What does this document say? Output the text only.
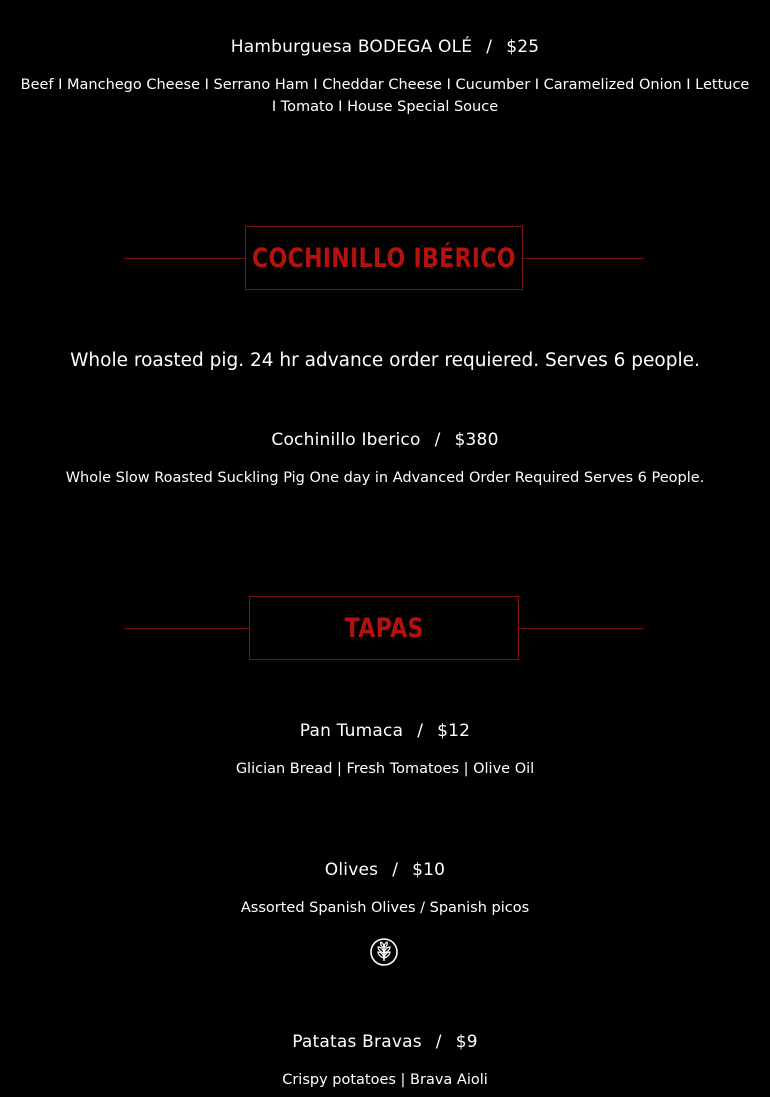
Hamburguesa BODEGA OLÉ / $25
Beef I Manchego Cheese I Serrano Ham I Cheddar Cheese I Cucumber I Caramelized Onion I Lettuce
I Tomato I House Special Souce
COCHINILLO IBÉRICO
Whole roasted pig. 24 hr advance order requiered. Serves 6 people.
Cochinillo Iberico / $380
Whole Slow Roasted Suckling Pig One day in Advanced Order Required Serves 6 People.
TAPAS
Pan Tumaca / $12
Glician Bread | Fresh Tomatoes | Olive Oil
Olives / $10
Assorted Spanish Olives / Spanish picos
Patatas Bravas / $9
Crispy potatoes | Brava Aioli
